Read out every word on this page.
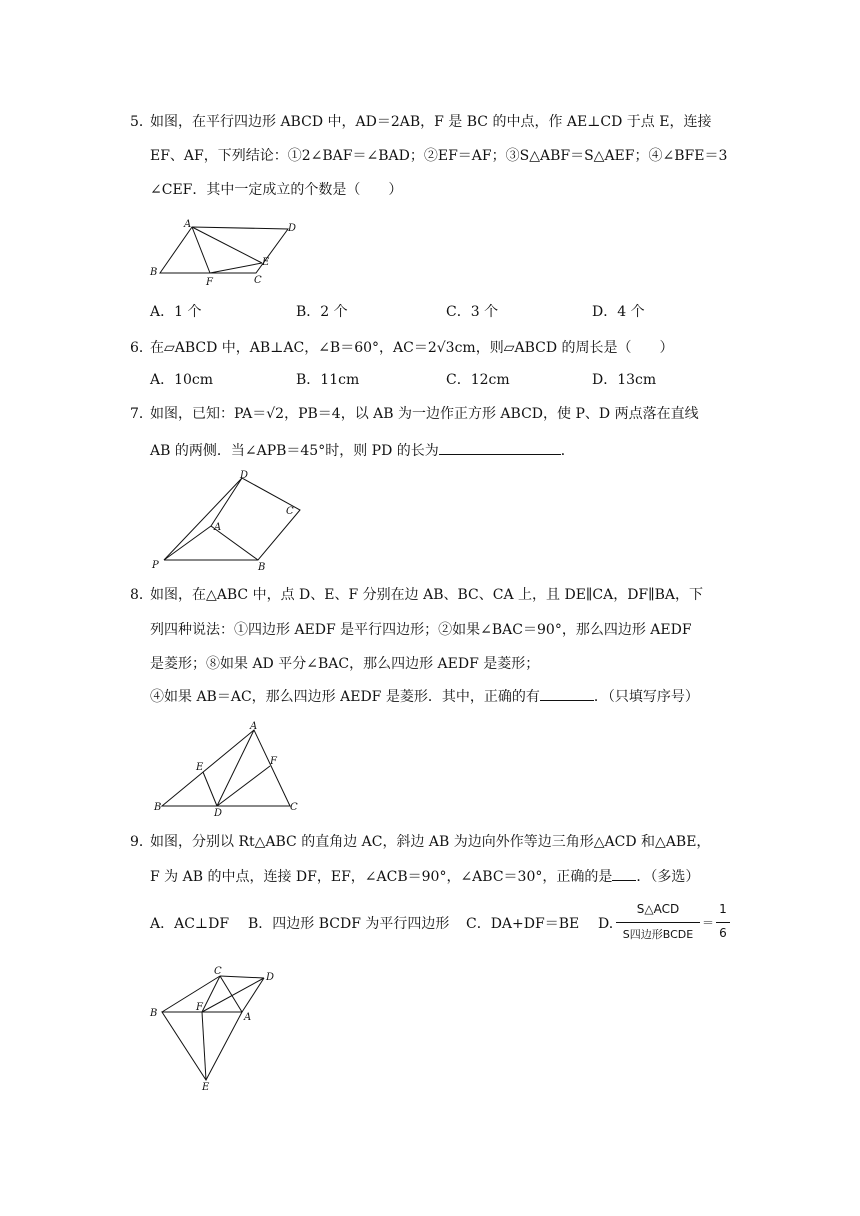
5．
如图，在平行四边形 ABCD 中，AD＝2AB，F 是 BC 的中点，作 AE⊥CD 于点 E，连接
EF、AF，下列结论：①2∠BAF＝∠BAD；②EF＝AF；③S△ABF＝S△AEF；④∠BFE＝3
∠CEF．其中一定成立的个数是（　　）
A	D
B
F	C
E
A．1 个	B．2 个	C．3 个	D．4 个
6．
在▱ABCD 中，AB⊥AC，∠B＝60°，AC＝2√3cm，则▱ABCD 的周长是（　　）
A．10cm	B．11cm	C．12cm	D．13cm
7．
如图，已知：PA＝√2，PB＝4，以 AB 为一边作正方形 ABCD，使 P、D 两点落在直线
AB 的两侧．当∠APB＝45°时，则 PD 的长为	．
D
C
A
P	B
8．
如图，在△ABC 中，点 D、E、F 分别在边 AB、BC、CA 上，且 DE∥CA，DF∥BA，下
列四种说法：①四边形 AEDF 是平行四边形；②如果∠BAC＝90°，那么四边形 AEDF
是菱形；⑧如果 AD 平分∠BAC，那么四边形 AEDF 是菱形；
④如果 AB＝AC，那么四边形 AEDF 是菱形．其中，正确的有	．（只填写序号）
A
E
F
B
D
C
9．
如图，分别以 Rt△ABC 的直角边 AC，斜边 AB 为边向外作等边三角形△ACD 和△ABE，
F 为 AB 的中点，连接 DF，EF，∠ACB＝90°，∠ABC＝30°，正确的是 ．（多选）
A．AC⊥DF B．四边形 BCDF 为平行四边形 C．DA+DF＝BE D.
S△ACD
S四边形BCDE
＝
1
6
C
D
B
F
A
E
